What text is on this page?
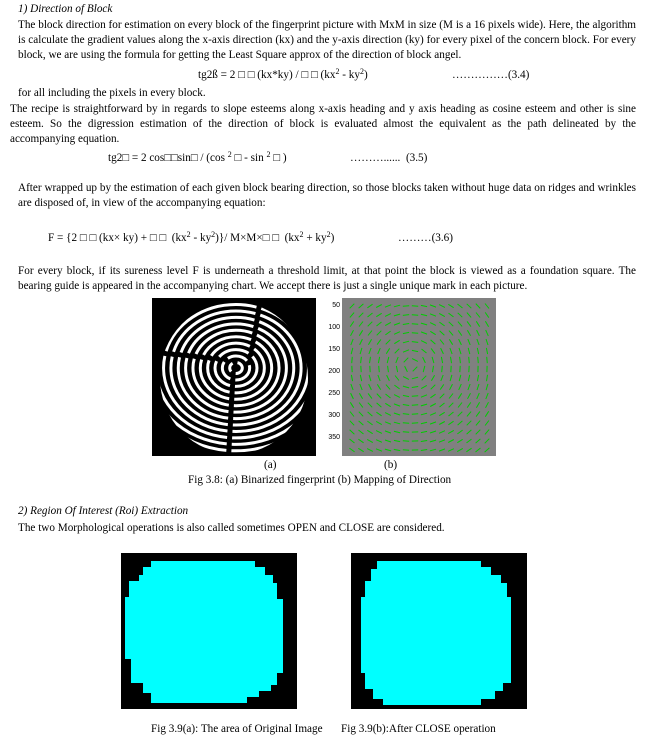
1) Direction of Block

The block direction for estimation on every block of the fingerprint picture with MxM in size (M is a 16 pixels wide). Here, the algorithm is calculate the gradient values along the x-axis direction (kx) and the y-axis direction (ky) for every pixel of the concern block. For every block, we are using the formula for getting the Least Square approx of the direction of block angel.

tg2ß = 2 □ □ (kx*ky) / □ □ $(kx^2 - ky^2)$	……………(3.4)

for all including the pixels in every block.

The recipe is straightforward by in regards to slope esteems along x-axis heading and y axis heading as cosine esteem and other is sine esteem. So the digression estimation of the direction of block is evaluated almost the equivalent as the path delineated by the accompanying equation.

tg2□ = 2 cos□□sin□ / (cos $^2$ □ - sin $^2$ □ )	………......  (3.5)

After wrapped up by the estimation of each given block bearing direction, so those blocks taken without huge data on ridges and wrinkles are disposed of, in view of the accompanying equation:

F = {2 □ □ (kx× ky) + □ □  $(kx^2 - ky^2)\}/$ M×M×□ □  $(kx^2 + ky^2)$	………(3.6)

For every block, if its sureness level F is underneath a threshold limit, at that point the block is viewed as a foundation square. The bearing guide is appeared in the accompanying chart. We accept there is just a single unique mark in each picture.

50
100
150
200
250
300
350
(a)	(b)
Fig 3.8: (a) Binarized fingerprint (b) Mapping of Direction
2) Region Of Interest (Roi) Extraction

The two Morphological operations is also called sometimes OPEN and CLOSE are considered.

Fig 3.9(a): The area of Original Image Fig 3.9(b):After CLOSE operation
